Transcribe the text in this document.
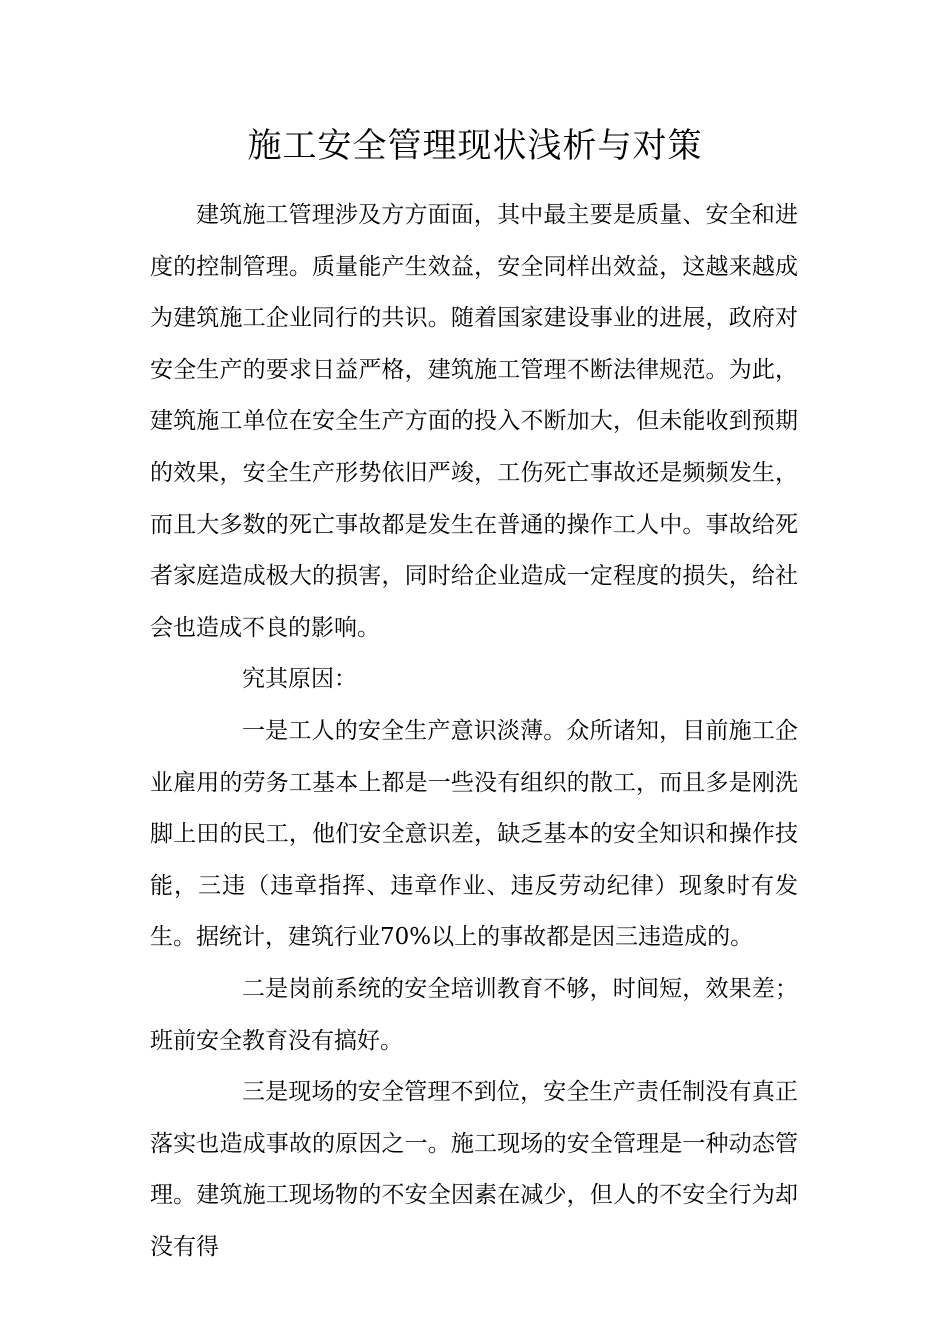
施工安全管理现状浅析与对策

建筑施工管理涉及方方面面，其中最主要是质量、安全和进度的控制管理。质量能产生效益，安全同样出效益，这越来越成为建筑施工企业同行的共识。随着国家建设事业的进展，政府对安全生产的要求日益严格，建筑施工管理不断法律规范。为此，建筑施工单位在安全生产方面的投入不断加大，但未能收到预期的效果，安全生产形势依旧严竣，工伤死亡事故还是频频发生，而且大多数的死亡事故都是发生在普通的操作工人中。事故给死者家庭造成极大的损害，同时给企业造成一定程度的损失，给社会也造成不良的影响。

究其原因：

一是工人的安全生产意识淡薄。众所诸知，目前施工企业雇用的劳务工基本上都是一些没有组织的散工，而且多是刚洗脚上田的民工，他们安全意识差，缺乏基本的安全知识和操作技能，三违（违章指挥、违章作业、违反劳动纪律）现象时有发生。据统计，建筑行业70%以上的事故都是因三违造成的。

二是岗前系统的安全培训教育不够，时间短，效果差；班前安全教育没有搞好。

三是现场的安全管理不到位，安全生产责任制没有真正落实也造成事故的原因之一。施工现场的安全管理是一种动态管理。建筑施工现场物的不安全因素在减少，但人的不安全行为却没有得
